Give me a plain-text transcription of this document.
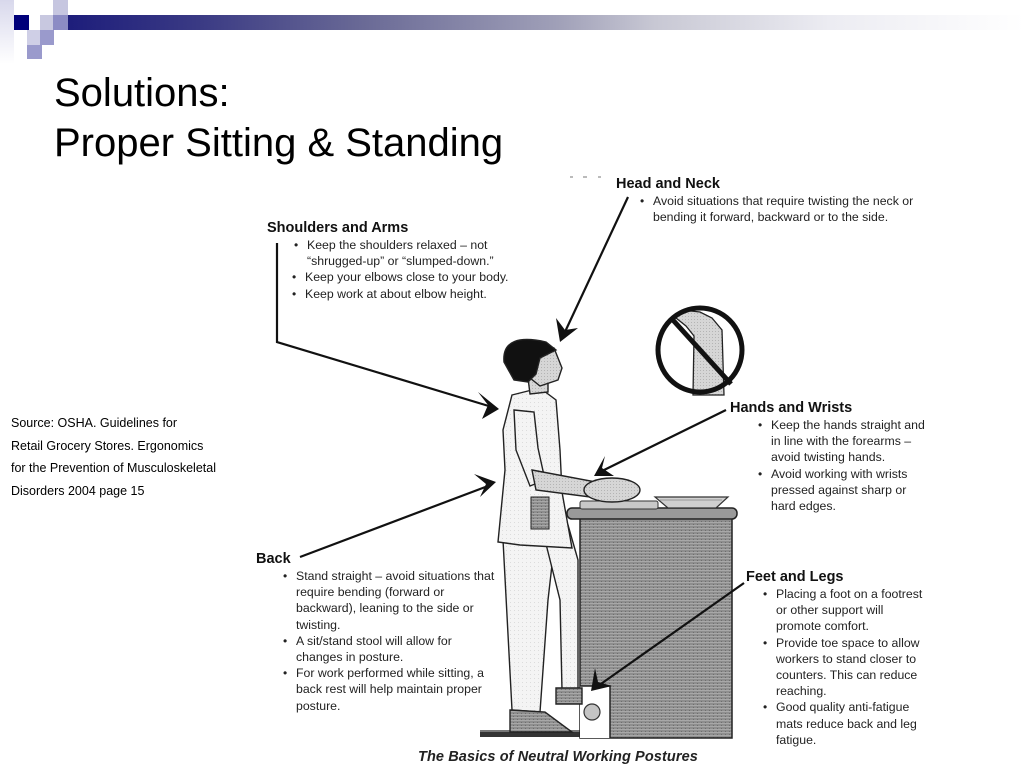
Solutions:
Proper Sitting & Standing
Source: OSHA. Guidelines for
Retail Grocery Stores. Ergonomics
for the Prevention of Musculoskeletal
Disorders 2004 page 15
Head and Neck
• Avoid situations that require twisting the neck or bending it forward, backward or to the side.
Shoulders and Arms
• Keep the shoulders relaxed – not “shrugged-up” or “slumped-down.”
• Keep your elbows close to your body.
• Keep work at about elbow height.
Hands and Wrists
• Keep the hands straight and in line with the forearms – avoid twisting hands.
• Avoid working with wrists pressed against sharp or hard edges.
Back
• Stand straight – avoid situations that require bending (forward or backward), leaning to the side or twisting.
• A sit/stand stool will allow for changes in posture.
• For work performed while sitting, a back rest will help maintain proper posture.
Feet and Legs
• Placing a foot on a footrest or other support will promote comfort.
• Provide toe space to allow workers to stand closer to counters. This can reduce reaching.
• Good quality anti-fatigue mats reduce back and leg fatigue.
The Basics of Neutral Working Postures
